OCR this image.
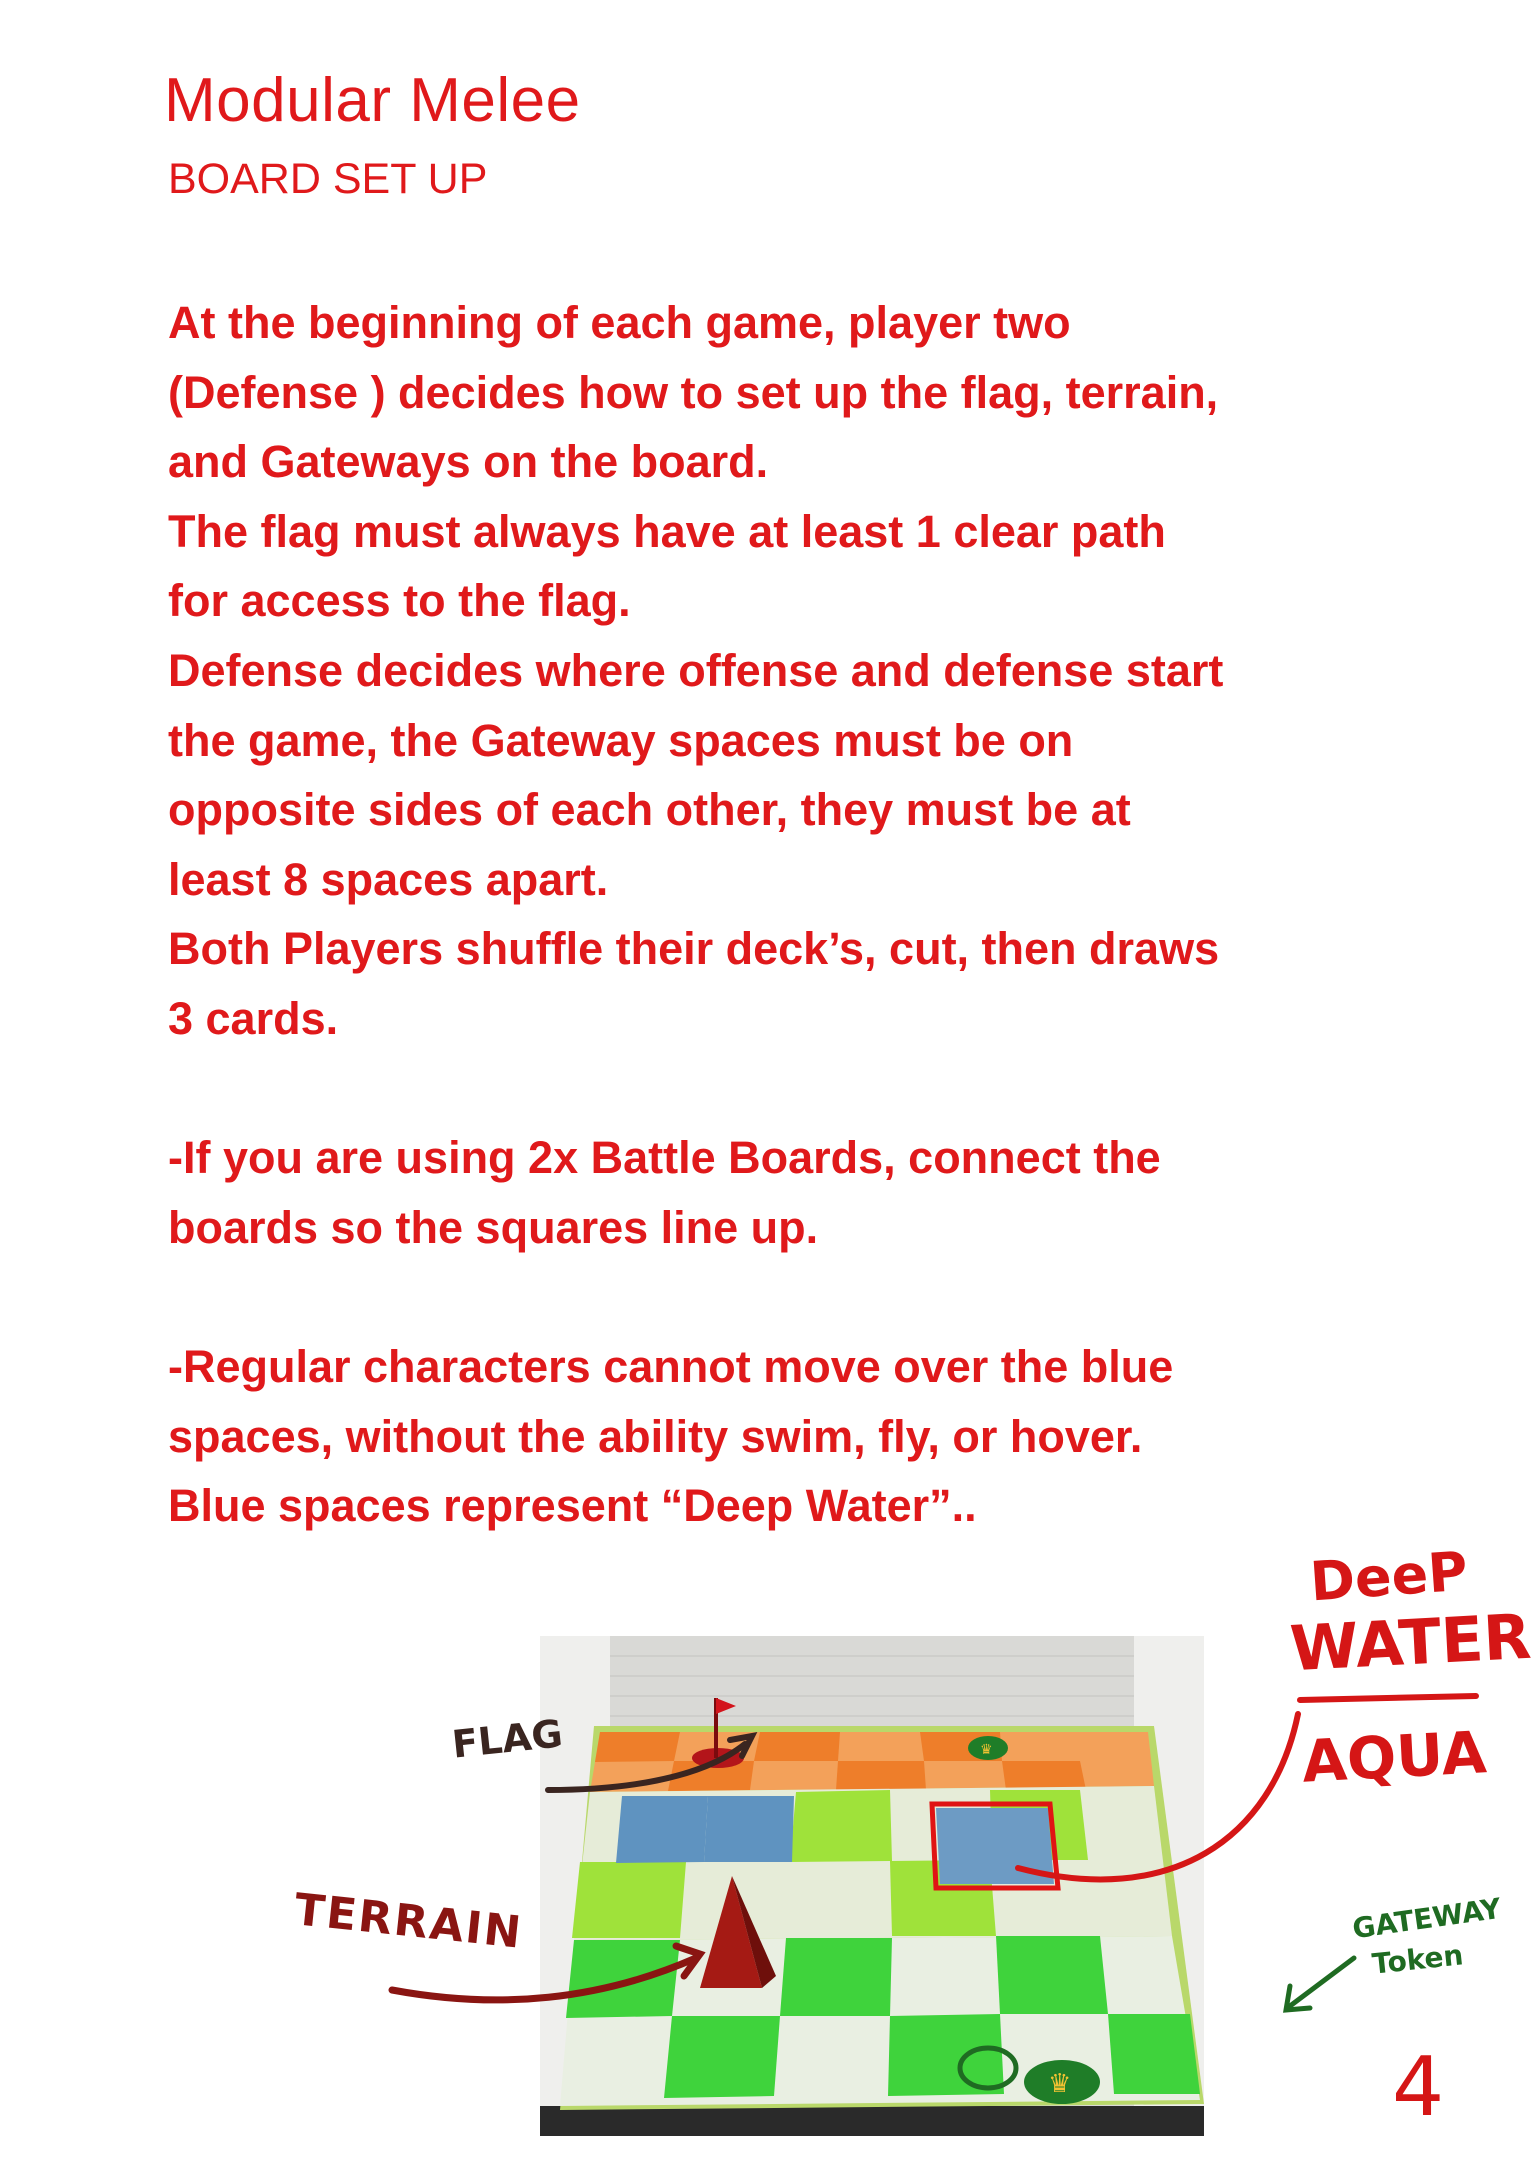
Modular Melee
BOARD SET UP

At the beginning of each game, player two (Defense ) decides how to set up the flag, terrain, and Gateways on the board.

The flag must always have at least 1 clear path for access to the flag.

Defense decides where offense and defense start the game, the Gateway spaces must be on opposite sides of each other, they must be at least 8 spaces apart.

Both Players shuffle their deck’s, cut, then draws 3 cards.

-If you are using 2x Battle Boards, connect the boards so the squares line up.

-Regular characters cannot move over the blue spaces, without the ability swim, fly, or hover. Blue spaces represent “Deep Water”..

♛
♛
FLAG
TERRAIN
DeeP
WATER
AQUA
GATEWAY
Token
4
